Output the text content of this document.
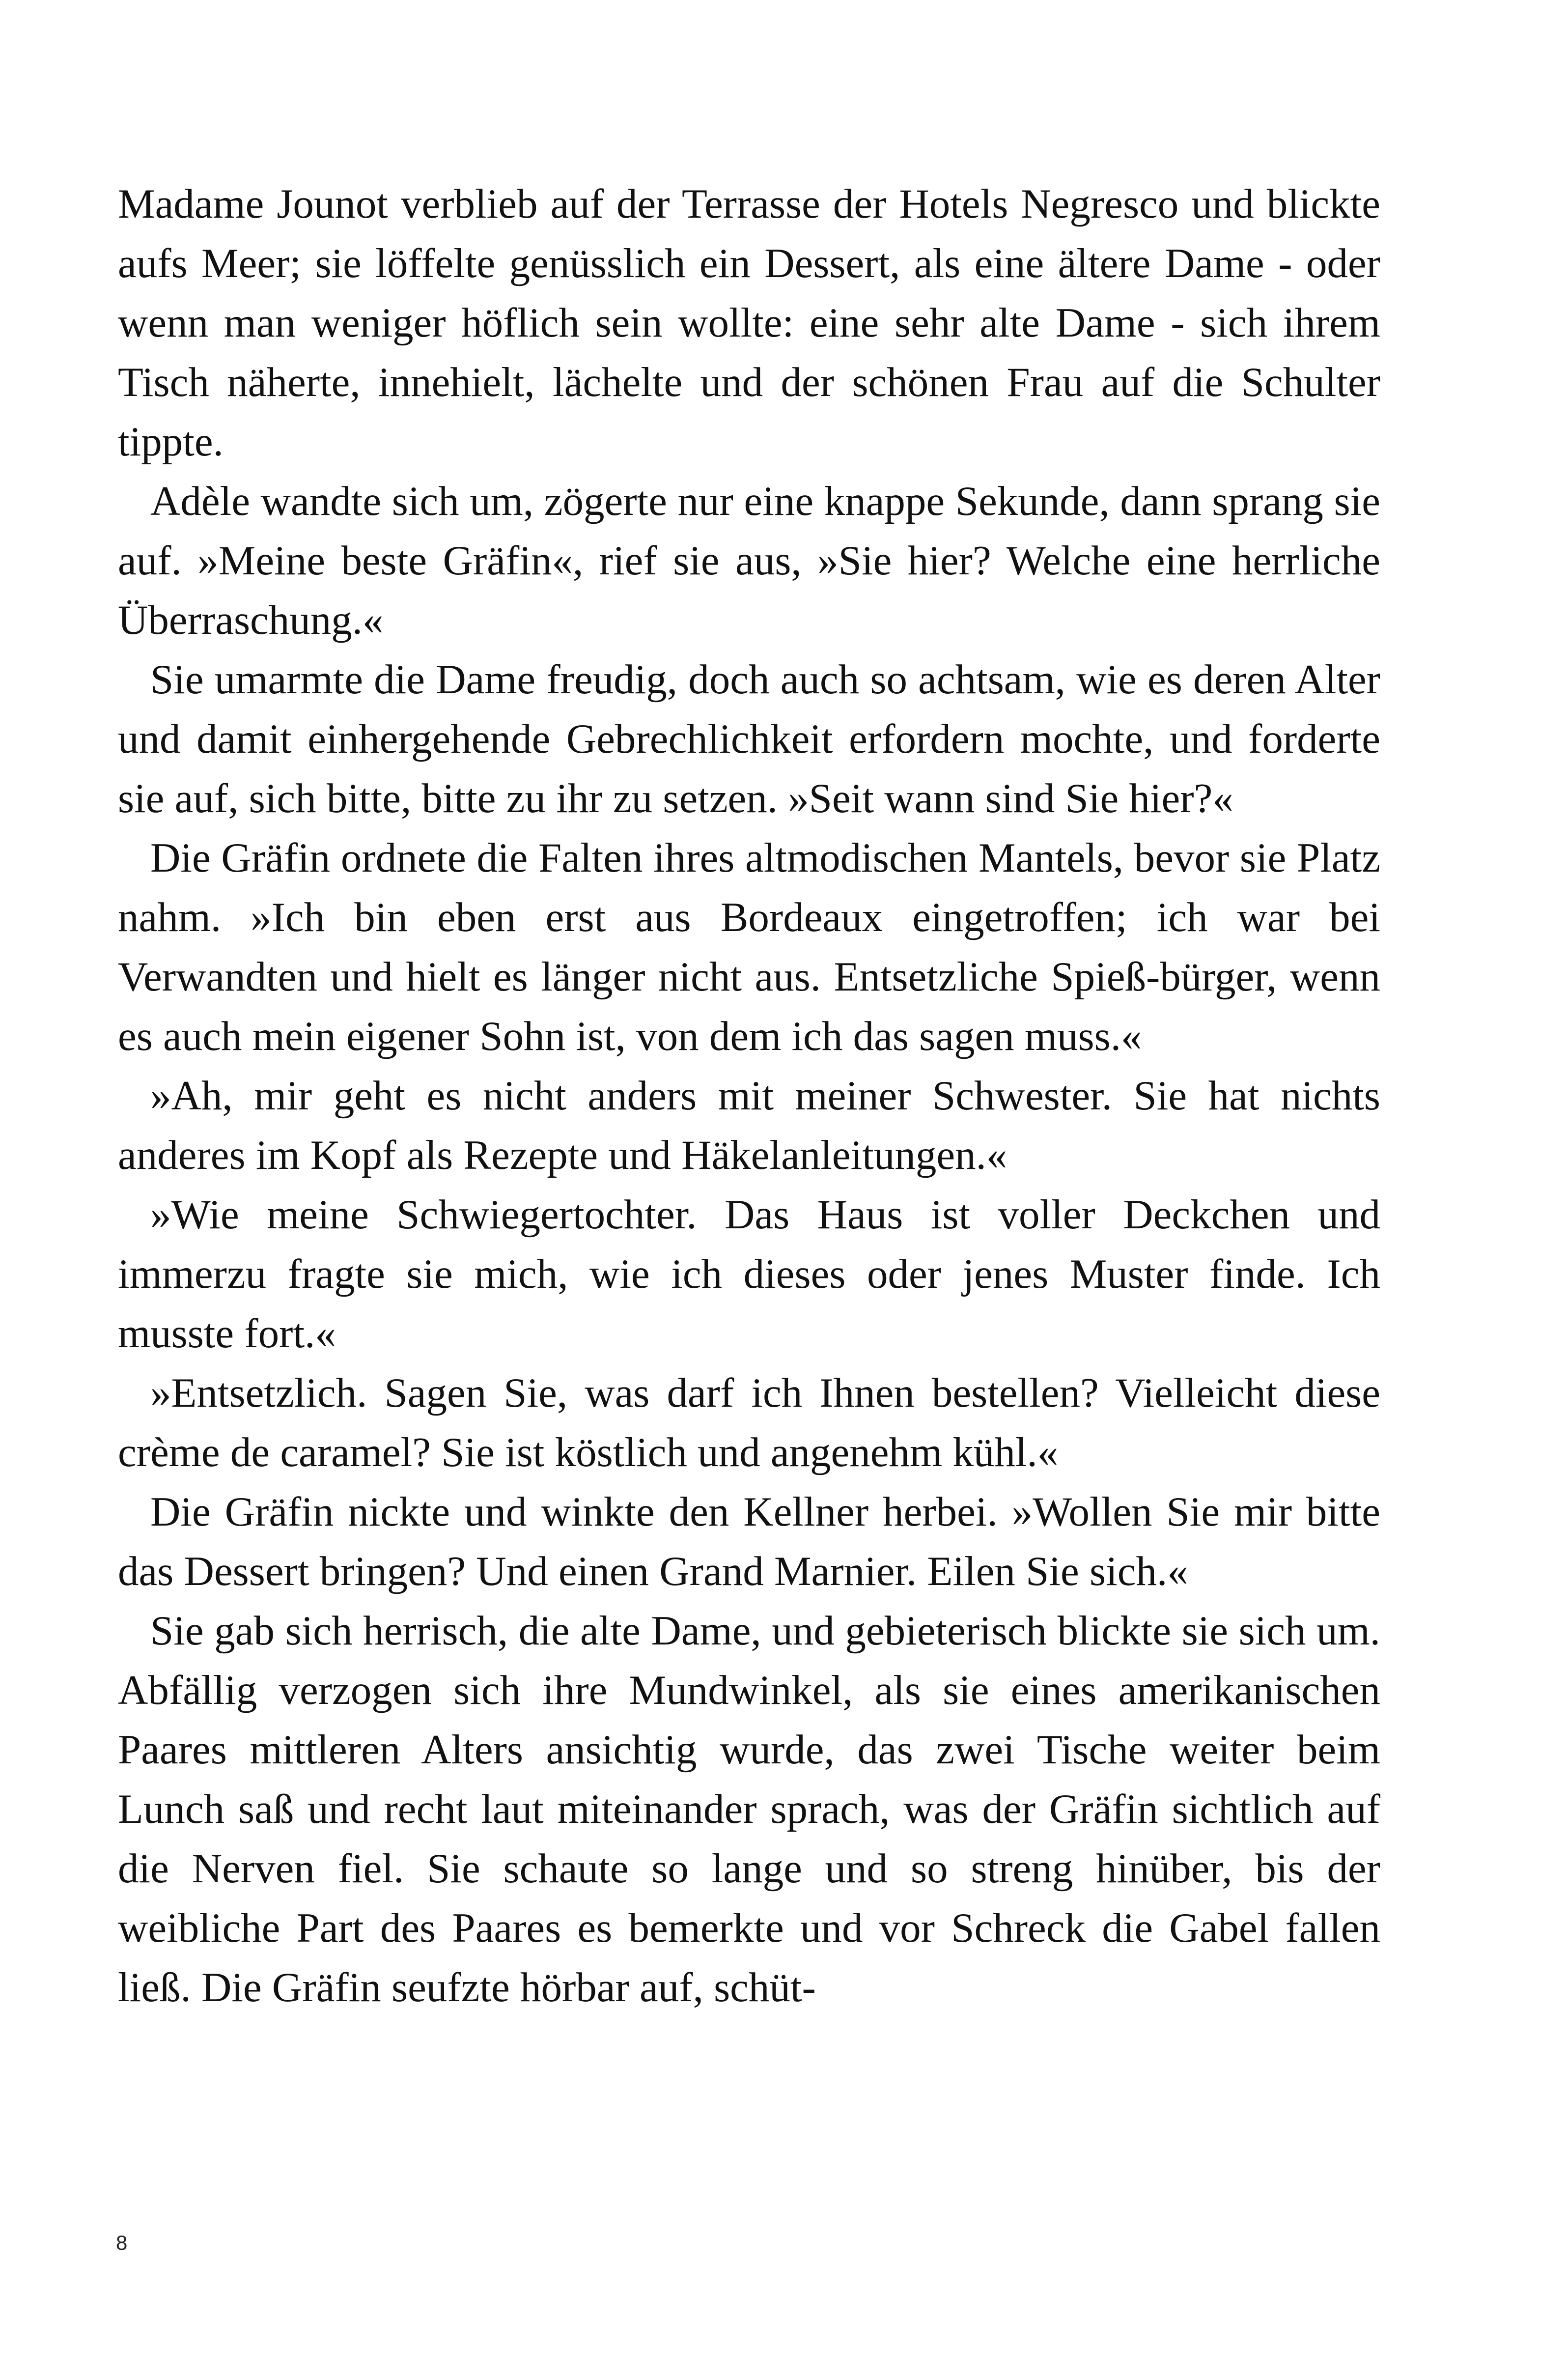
Madame Jounot verblieb auf der Terrasse der Hotels Negresco und blickte aufs Meer; sie löffelte genüsslich ein Dessert, als eine ältere Dame - oder wenn man weniger höflich sein wollte: eine sehr alte Dame - sich ihrem Tisch näherte, innehielt, lächelte und der schönen Frau auf die Schulter tippte.

Adèle wandte sich um, zögerte nur eine knappe Sekunde, dann sprang sie auf. »Meine beste Gräfin«, rief sie aus, »Sie hier? Welche eine herrliche Überraschung.«

Sie umarmte die Dame freudig, doch auch so achtsam, wie es deren Alter und damit einhergehende Gebrechlichkeit erfordern mochte, und forderte sie auf, sich bitte, bitte zu ihr zu setzen. »Seit wann sind Sie hier?«

Die Gräfin ordnete die Falten ihres altmodischen Mantels, bevor sie Platz nahm. »Ich bin eben erst aus Bordeaux eingetroffen; ich war bei Verwandten und hielt es länger nicht aus. Entsetzliche Spieß-bürger, wenn es auch mein eigener Sohn ist, von dem ich das sagen muss.«

»Ah, mir geht es nicht anders mit meiner Schwester. Sie hat nichts anderes im Kopf als Rezepte und Häkelanleitungen.«

»Wie meine Schwiegertochter. Das Haus ist voller Deckchen und immerzu fragte sie mich, wie ich dieses oder jenes Muster finde. Ich musste fort.«

»Entsetzlich. Sagen Sie, was darf ich Ihnen bestellen? Vielleicht diese crème de caramel? Sie ist köstlich und angenehm kühl.«

Die Gräfin nickte und winkte den Kellner herbei. »Wollen Sie mir bitte das Dessert bringen? Und einen Grand Marnier. Eilen Sie sich.«

Sie gab sich herrisch, die alte Dame, und gebieterisch blickte sie sich um. Abfällig verzogen sich ihre Mundwinkel, als sie eines amerikanischen Paares mittleren Alters ansichtig wurde, das zwei Tische weiter beim Lunch saß und recht laut miteinander sprach, was der Gräfin sichtlich auf die Nerven fiel. Sie schaute so lange und so streng hinüber, bis der weibliche Part des Paares es bemerkte und vor Schreck die Gabel fallen ließ. Die Gräfin seufzte hörbar auf, schüt-

8
